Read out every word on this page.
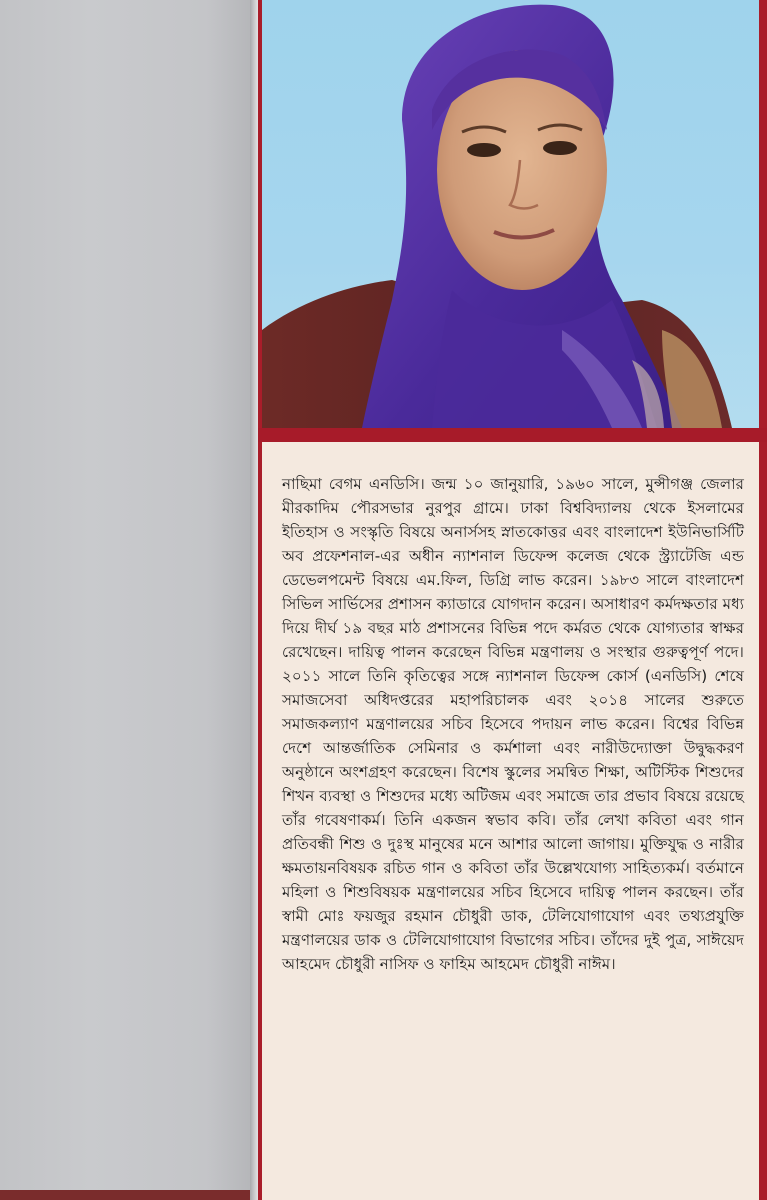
নাছিমা বেগম এনডিসি। জন্ম ১০ জানুয়ারি, ১৯৬০ সালে, মুন্সীগঞ্জ জেলার মীরকাদিম পৌরসভার নুরপুর গ্রামে। ঢাকা বিশ্ববিদ্যালয় থেকে ইসলামের ইতিহাস ও সংস্কৃতি বিষয়ে অনার্সসহ স্নাতকোত্তর এবং বাংলাদেশ ইউনিভার্সিটি অব প্রফেশনাল-এর অধীন ন্যাশনাল ডিফেন্স কলেজ থেকে স্ট্র্যাটেজি এন্ড ডেভেলপমেন্ট বিষয়ে এম.ফিল, ডিগ্রি লাভ করেন। ১৯৮৩ সালে বাংলাদেশ সিভিল সার্ভিসের প্রশাসন ক্যাডারে যোগদান করেন। অসাধারণ কর্মদক্ষতার মধ্য দিয়ে দীর্ঘ ১৯ বছর মাঠ প্রশাসনের বিভিন্ন পদে কর্মরত থেকে যোগ্যতার স্বাক্ষর রেখেছেন। দায়িত্ব পালন করেছেন বিভিন্ন মন্ত্রণালয় ও সংস্থার গুরুত্বপূর্ণ পদে। ২০১১ সালে তিনি কৃতিত্বের সঙ্গে ন্যাশনাল ডিফেন্স কোর্স (এনডিসি) শেষে সমাজসেবা অধিদপ্তরের মহাপরিচালক এবং ২০১৪ সালের শুরুতে সমাজকল্যাণ মন্ত্রণালয়ের সচিব হিসেবে পদায়ন লাভ করেন। বিশ্বের বিভিন্ন দেশে আন্তর্জাতিক সেমিনার ও কর্মশালা এবং নারীউদ্যোক্তা উদ্বুদ্ধকরণ অনুষ্ঠানে অংশগ্রহণ করেছেন। বিশেষ স্কুলের সমন্বিত শিক্ষা, অটিস্টিক শিশুদের শিখন ব্যবস্থা ও শিশুদের মধ্যে অটিজম এবং সমাজে তার প্রভাব বিষয়ে রয়েছে তাঁর গবেষণাকর্ম। তিনি একজন স্বভাব কবি। তাঁর লেখা কবিতা এবং গান প্রতিবন্ধী শিশু ও দুঃস্থ মানুষের মনে আশার আলো জাগায়। মুক্তিযুদ্ধ ও নারীর ক্ষমতায়নবিষয়ক রচিত গান ও কবিতা তাঁর উল্লেখযোগ্য সাহিত্যকর্ম। বর্তমানে মহিলা ও শিশুবিষয়ক মন্ত্রণালয়ের সচিব হিসেবে দায়িত্ব পালন করছেন। তাঁর স্বামী মোঃ ফয়জুর রহমান চৌধুরী ডাক, টেলিযোগাযোগ এবং তথ্যপ্রযুক্তি মন্ত্রণালয়ের ডাক ও টেলিযোগাযোগ বিভাগের সচিব। তাঁদের দুই পুত্র, সাঈয়েদ আহমেদ চৌধুরী নাসিফ ও ফাহিম আহমেদ চৌধুরী নাঈম।
